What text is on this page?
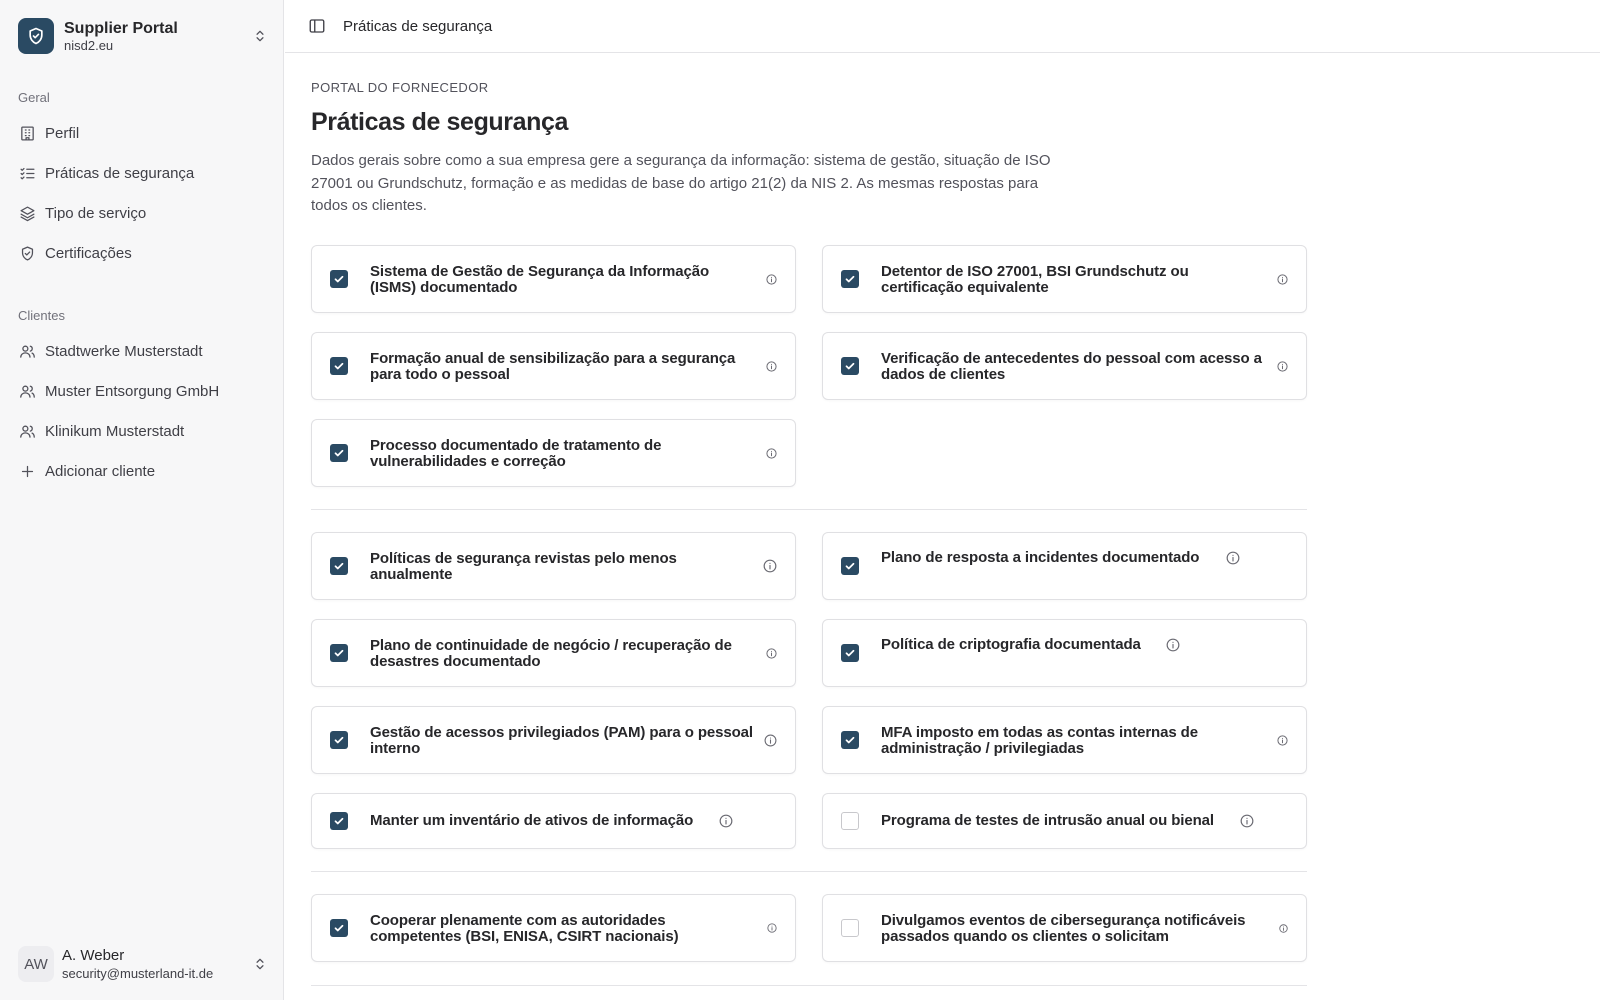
Supplier Portal
nisd2.eu
Geral
Perfil
Práticas de segurança
Tipo de serviço
Certificações
Clientes
Stadtwerke Musterstadt
Muster Entsorgung GmbH
Klinikum Musterstadt
Adicionar cliente
AW
A. Weber
security@musterland-it.de
Práticas de segurança
PORTAL DO FORNECEDOR
Práticas de segurança

Dados gerais sobre como a sua empresa gere a segurança da informação: sistema de gestão, situação de ISO 27001 ou Grundschutz, formação e as medidas de base do artigo 21(2) da NIS 2. As mesmas respostas para todos os clientes.

Sistema de Gestão de Segurança da Informação (ISMS) documentado
Detentor de ISO 27001, BSI Grundschutz ou certificação equivalente
Formação anual de sensibilização para a segurança para todo o pessoal
Verificação de antecedentes do pessoal com acesso a dados de clientes
Processo documentado de tratamento de vulnerabilidades e correção
Políticas de segurança revistas pelo menos anualmente
Plano de resposta a incidentes documentado
Plano de continuidade de negócio / recuperação de desastres documentado
Política de criptografia documentada
Gestão de acessos privilegiados (PAM) para o pessoal interno
MFA imposto em todas as contas internas de administração / privilegiadas
Manter um inventário de ativos de informação	Programa de testes de intrusão anual ou bienal
Cooperar plenamente com as autoridades competentes (BSI, ENISA, CSIRT nacionais)
Divulgamos eventos de cibersegurança notificáveis passados quando os clientes o solicitam
